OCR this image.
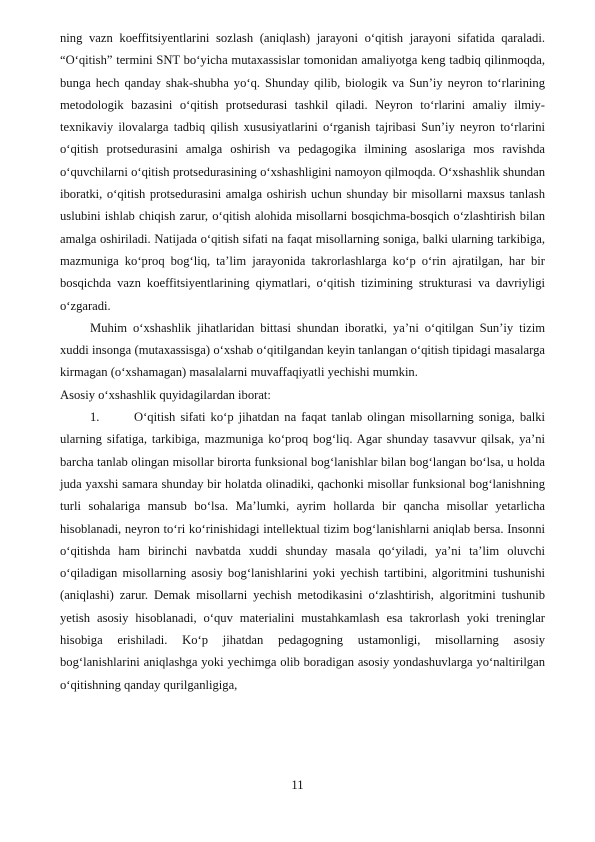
ning vazn koeffitsiyentlarini sozlash (aniqlash) jarayoni o‘qitish jarayoni sifatida qaraladi. “O‘qitish” termini SNT bo‘yicha mutaxassislar tomonidan amaliyotga keng tadbiq qilinmoqda, bunga hech qanday shak-shubha yo‘q. Shunday qilib, biologik va Sun’iy neyron to‘rlarining metodologik bazasini o‘qitish protsedurasi tashkil qiladi. Neyron to‘rlarini amaliy ilmiy-texnikaviy ilovalarga tadbiq qilish xususiyatlarini o‘rganish tajribasi Sun’iy neyron to‘rlarini o‘qitish protsedurasini amalga oshirish va pedagogika ilmining asoslariga mos ravishda o‘quvchilarni o‘qitish protsedurasining o‘xshashligini namoyon qilmoqda. O‘xshashlik shundan iboratki, o‘qitish protsedurasini amalga oshirish uchun shunday bir misollarni maxsus tanlash uslubini ishlab chiqish zarur, o‘qitish alohida misollarni bosqichma-bosqich o‘zlashtirish bilan amalga oshiriladi. Natijada o‘qitish sifati na faqat misollarning soniga, balki ularning tarkibiga, mazmuniga ko‘proq bog‘liq, ta’lim jarayonida takrorlashlarga ko‘p o‘rin ajratilgan, har bir bosqichda vazn koeffitsiyentlarining qiymatlari, o‘qitish tizimining strukturasi va davriyligi o‘zgaradi.

Muhim o‘xshashlik jihatlaridan bittasi shundan iboratki, ya’ni o‘qitilgan Sun’iy tizim xuddi insonga (mutaxassisga) o‘xshab o‘qitilgandan keyin tanlangan o‘qitish tipidagi masalarga kirmagan (o‘xshamagan) masalalarni muvaffaqiyatli yechishi mumkin.

Asosiy o‘xshashlik quyidagilardan iborat:

1.	O‘qitish sifati ko‘p jihatdan na faqat tanlab olingan misollarning soniga, balki ularning sifatiga, tarkibiga, mazmuniga ko‘proq bog‘liq. Agar shunday tasavvur qilsak, ya’ni barcha tanlab olingan misollar birorta funksional bog‘lanishlar bilan bog‘langan bo‘lsa, u holda juda yaxshi samara shunday bir holatda olinadiki, qachonki misollar funksional bog‘lanishning turli sohalariga mansub bo‘lsa. Ma’lumki, ayrim hollarda bir qancha misollar yetarlicha hisoblanadi, neyron to‘ri ko‘rinishidagi intellektual tizim bog‘lanishlarni aniqlab bersa. Insonni o‘qitishda ham birinchi navbatda xuddi shunday masala qo‘yiladi, ya’ni ta’lim oluvchi o‘qiladigan misollarning asosiy bog‘lanishlarini yoki yechish tartibini, algoritmini tushunishi (aniqlashi) zarur. Demak misollarni yechish metodikasini o‘zlashtirish, algoritmini tushunib yetish asosiy hisoblanadi, o‘quv materialini mustahkamlash esa takrorlash yoki treninglar hisobiga erishiladi. Ko‘p jihatdan pedagogning ustamonligi, misollarning asosiy bog‘lanishlarini aniqlashga yoki yechimga olib boradigan asosiy yondashuvlarga yo‘naltirilgan o‘qitishning qanday qurilganligiga,

11
